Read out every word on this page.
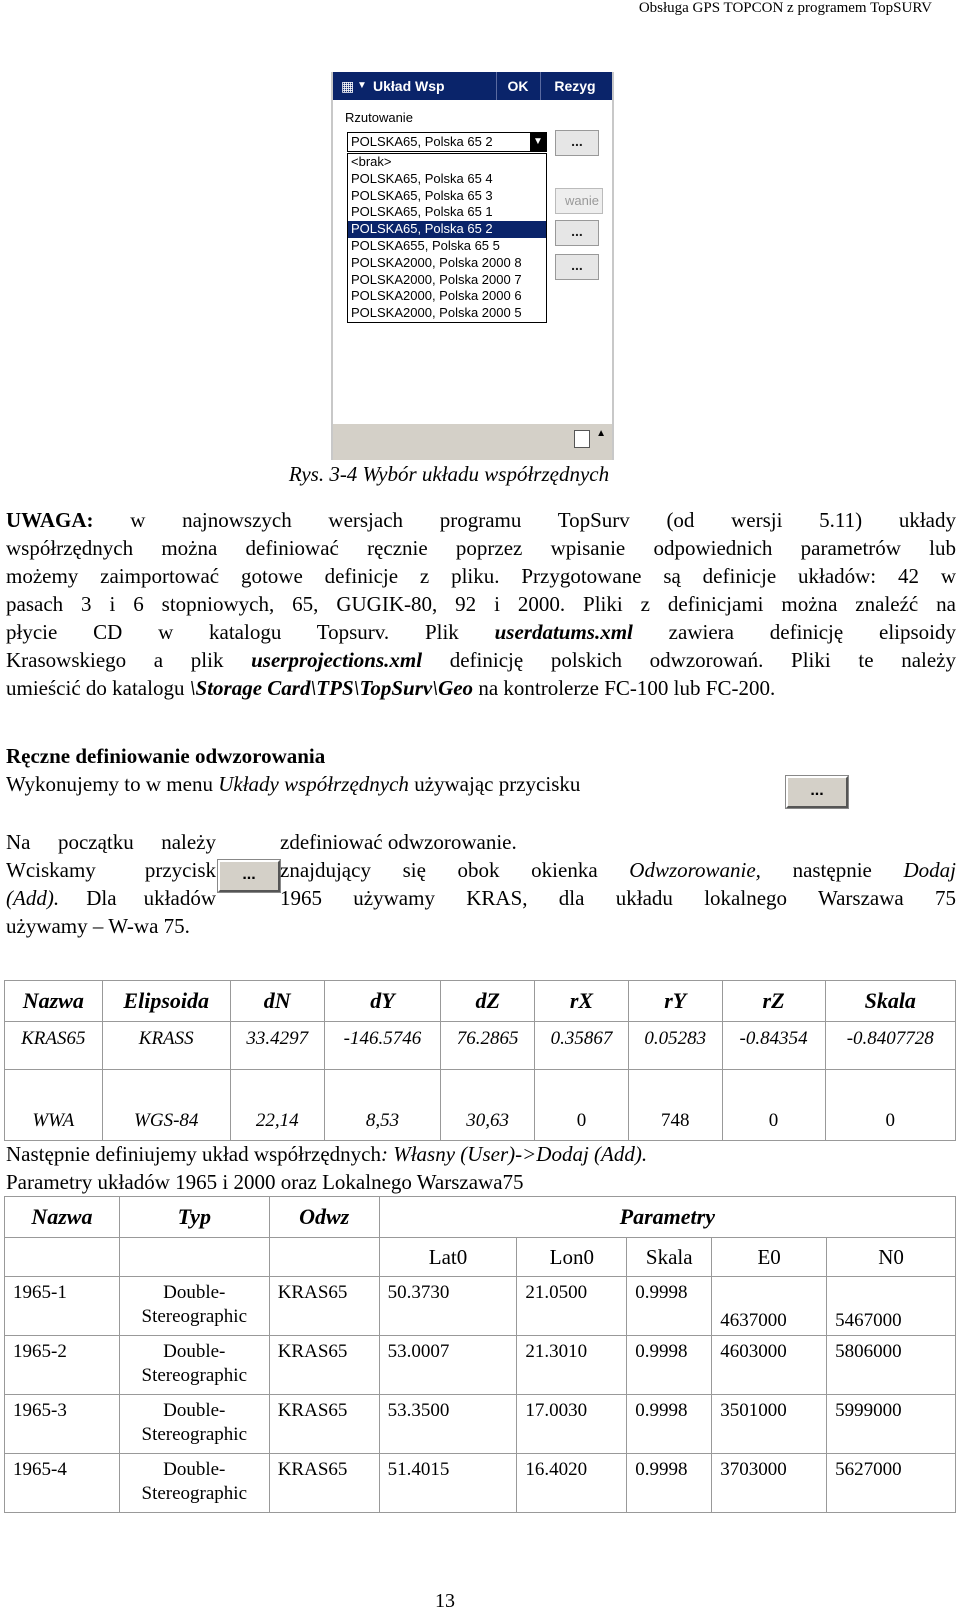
Obsługa GPS TOPCON z programem TopSURV
▦ ▼ Układ Wsp	OK	Rezyg
Rzutowanie
POLSKA65, Polska 65 2	▼	...
wanie
...
...
<brak>
POLSKA65, Polska 65 4
POLSKA65, Polska 65 3
POLSKA65, Polska 65 1
POLSKA65, Polska 65 2
POLSKA655, Polska 65 5
POLSKA2000, Polska 2000 8
POLSKA2000, Polska 2000 7
POLSKA2000, Polska 2000 6
POLSKA2000, Polska 2000 5
▲
Rys. 3-4 Wybór układu współrzędnych
UWAGA: w najnowszych wersjach programu TopSurv (od wersji 5.11) układy
współrzędnych można definiować ręcznie poprzez wpisanie odpowiednich parametrów lub
możemy zaimportować gotowe definicje z pliku. Przygotowane są definicje układów: 42 w
pasach 3 i 6 stopniowych, 65, GUGIK-80, 92 i 2000. Pliki z definicjami można znaleźć na
płycie CD w katalogu Topsurv. Plik userdatums.xml zawiera definicję elipsoidy
Krasowskiego a plik userprojections.xml definicję polskich odwzorowań. Pliki te należy
umieścić do katalogu \Storage Card\TPS\TopSurv\Geo na kontrolerze FC-100 lub FC-200.
Ręczne definiowanie odwzorowania
Wykonujemy to w menu Układy współrzędnych używając przycisku	...
Na początku należy
Wciskamy przycisk
(Add). Dla układów
używamy – W-wa 75.
...
zdefiniować odwzorowanie.
znajdujący się obok okienka Odwzorowanie, następnie Dodaj
1965 używamy KRAS, dla układu lokalnego Warszawa 75
Nazwa	Elipsoida	dN	dY	dZ	rX	rY	rZ	Skala
KRAS65	KRASS	33.4297	-146.5746	76.2865	0.35867	0.05283	-0.84354	-0.8407728
WWA	WGS-84	22,14	8,53	30,63	0	748	0	0
Następnie definiujemy układ współrzędnych: Własny (User)->Dodaj (Add).
Parametry układów 1965 i 2000 oraz Lokalnego Warszawa75
Nazwa	Typ	Odwz	Parametry				
			Lat0	Lon0	Skala	E0	N0
1965-1	Double-
Stereographic	KRAS65	50.3730	21.0500	0.9998	4637000	5467000
1965-2	Double-
Stereographic	KRAS65	53.0007	21.3010	0.9998	4603000	5806000
1965-3	Double-
Stereographic	KRAS65	53.3500	17.0030	0.9998	3501000	5999000
1965-4	Double-
Stereographic	KRAS65	51.4015	16.4020	0.9998	3703000	5627000
13
